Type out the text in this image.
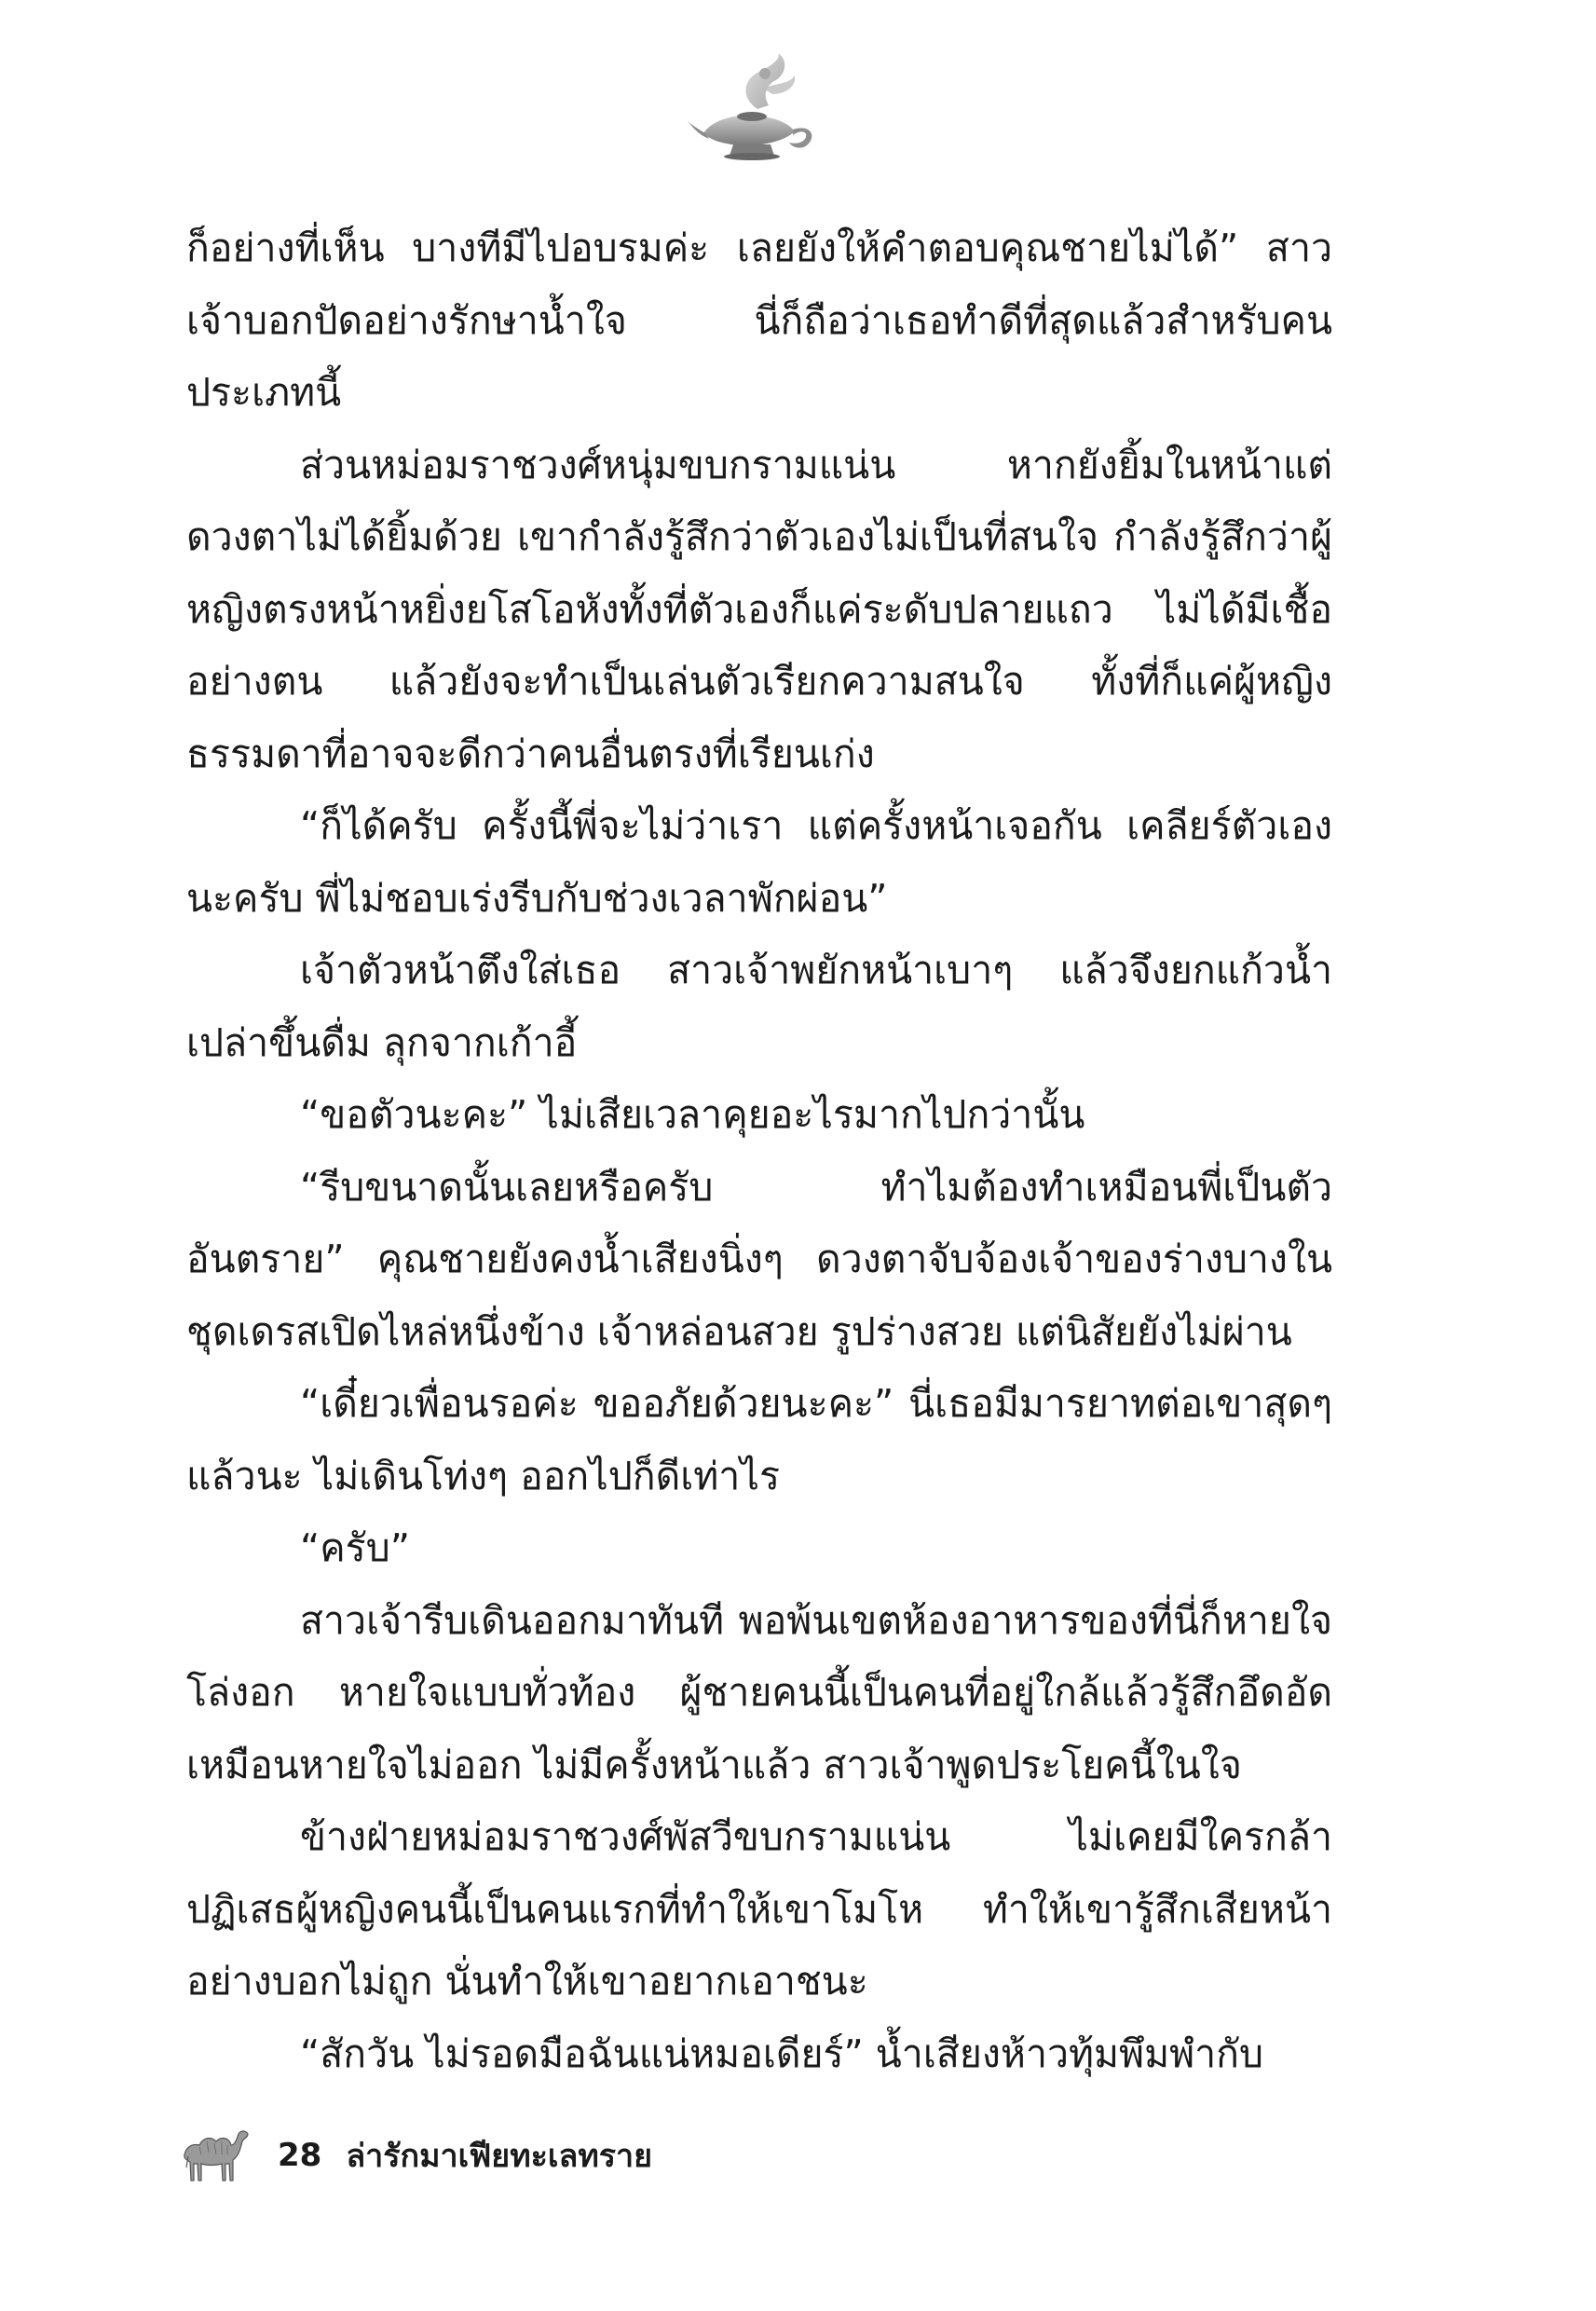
ก็อย่างที่เห็น บางทีมีไปอบรมค่ะ เลยยังให้คำตอบคุณชายไม่ได้” สาวเจ้าบอกปัดอย่างรักษาน้ำใจ นี่ก็ถือว่าเธอทำดีที่สุดแล้วสำหรับคนประเภทนี้

ส่วนหม่อมราชวงศ์หนุ่มขบกรามแน่น หากยังยิ้มในหน้าแต่ดวงตาไม่ได้ยิ้มด้วย เขากำลังรู้สึกว่าตัวเองไม่เป็นที่สนใจ กำลังรู้สึกว่าผู้หญิงตรงหน้าหยิ่งยโสโอหังทั้งที่ตัวเองก็แค่ระดับปลายแถว ไม่ได้มีเชื้ออย่างตน แล้วยังจะทำเป็นเล่นตัวเรียกความสนใจ ทั้งที่ก็แค่ผู้หญิงธรรมดาที่อาจจะดีกว่าคนอื่นตรงที่เรียนเก่ง

“ก็ได้ครับ ครั้งนี้พี่จะไม่ว่าเรา แต่ครั้งหน้าเจอกัน เคลียร์ตัวเองนะครับ พี่ไม่ชอบเร่งรีบกับช่วงเวลาพักผ่อน”

เจ้าตัวหน้าตึงใส่เธอ สาวเจ้าพยักหน้าเบาๆ แล้วจึงยกแก้วน้ำเปล่าขึ้นดื่ม ลุกจากเก้าอี้

“ขอตัวนะคะ” ไม่เสียเวลาคุยอะไรมากไปกว่านั้น

“รีบขนาดนั้นเลยหรือครับ ทำไมต้องทำเหมือนพี่เป็นตัวอันตราย” คุณชายยังคงน้ำเสียงนิ่งๆ ดวงตาจับจ้องเจ้าของร่างบางในชุดเดรสเปิดไหล่หนึ่งข้าง เจ้าหล่อนสวย รูปร่างสวย แต่นิสัยยังไม่ผ่าน

“เดี๋ยวเพื่อนรอค่ะ ขออภัยด้วยนะคะ” นี่เธอมีมารยาทต่อเขาสุดๆ แล้วนะ ไม่เดินโท่งๆ ออกไปก็ดีเท่าไร

“ครับ”

สาวเจ้ารีบเดินออกมาทันที พอพ้นเขตห้องอาหารของที่นี่ก็หายใจโล่งอก หายใจแบบทั่วท้อง ผู้ชายคนนี้เป็นคนที่อยู่ใกล้แล้วรู้สึกอึดอัดเหมือนหายใจไม่ออก ไม่มีครั้งหน้าแล้ว สาวเจ้าพูดประโยคนี้ในใจ

ข้างฝ่ายหม่อมราชวงศ์พัสวีขบกรามแน่น ไม่เคยมีใครกล้าปฏิเสธผู้หญิงคนนี้เป็นคนแรกที่ทำให้เขาโมโห ทำให้เขารู้สึกเสียหน้าอย่างบอกไม่ถูก นั่นทำให้เขาอยากเอาชนะ

“สักวัน ไม่รอดมือฉันแน่หมอเดียร์” น้ำเสียงห้าวทุ้มพึมพำกับ

28 ล่ารักมาเฟียทะเลทราย
